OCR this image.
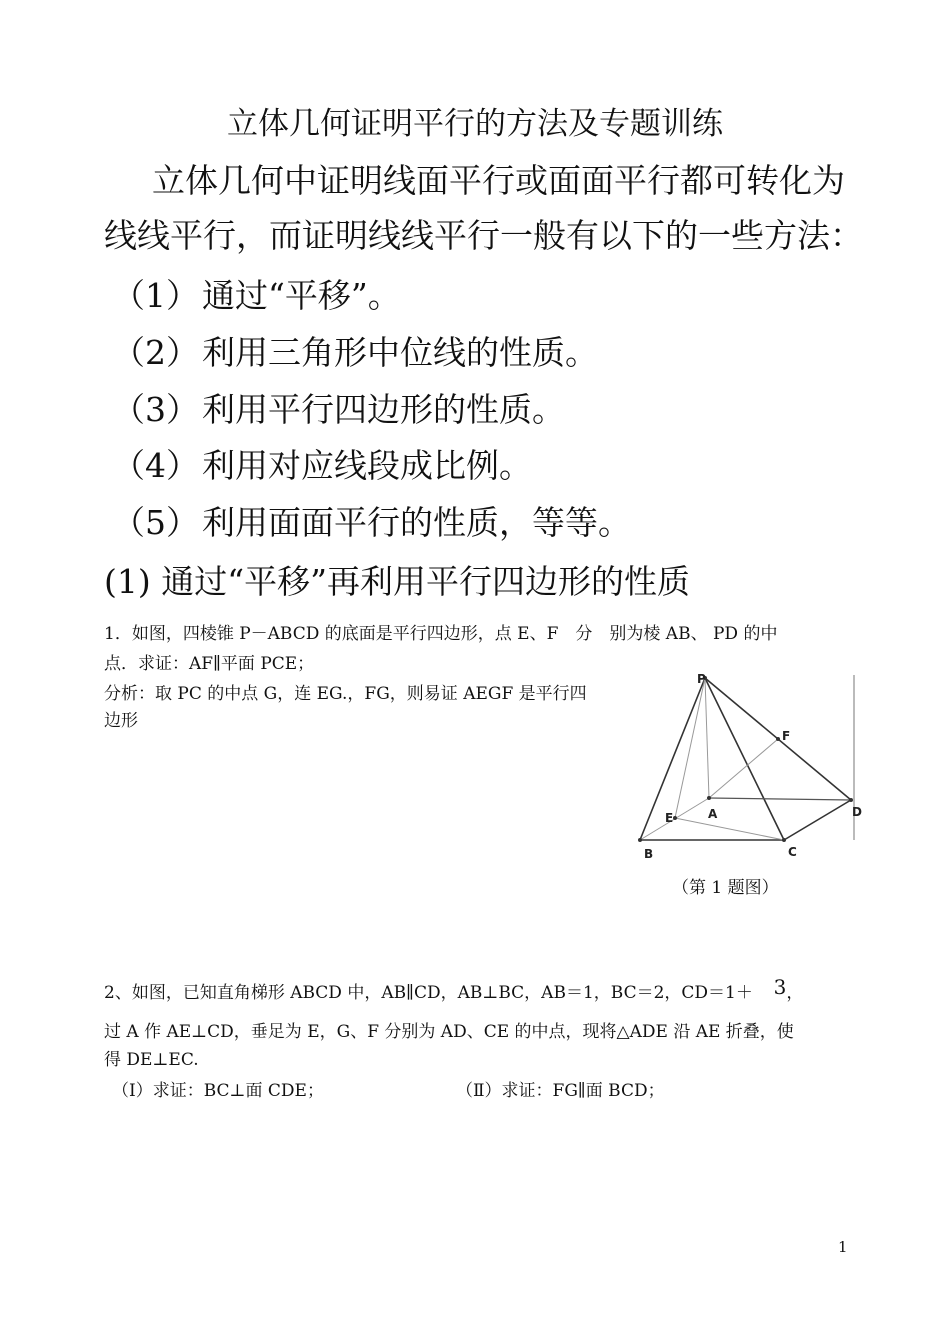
立体几何证明平行的方法及专题训练
立体几何中证明线面平行或面面平行都可转化为
线线平行，而证明线线平行一般有以下的一些方法：
（1）通过“平移”。
（2）利用三角形中位线的性质。
（3）利用平行四边形的性质。
（4）利用对应线段成比例。
（5）利用面面平行的性质，等等。
(1) 通过“平移”再利用平行四边形的性质
1．如图，四棱锥 P－ABCD 的底面是平行四边形，点 E、F　分　别为棱 AB、 PD 的中
点．求证：AF∥平面 PCE；
分析：取 PC 的中点 G，连 EG.，FG，则易证 AEGF 是平行四
边形
P
F
A
E	D
B	C
（第 1 题图）
2、如图，已知直角梯形 ABCD 中，AB∥CD，AB⊥BC，AB＝1，BC＝2，CD＝1＋ 3，
过 A 作 AE⊥CD，垂足为 E，G、F 分别为 AD、CE 的中点，现将△ADE 沿 AE 折叠，使
得 DE⊥EC.
（Ⅰ）求证：BC⊥面 CDE；	（Ⅱ）求证：FG∥面 BCD；
1
